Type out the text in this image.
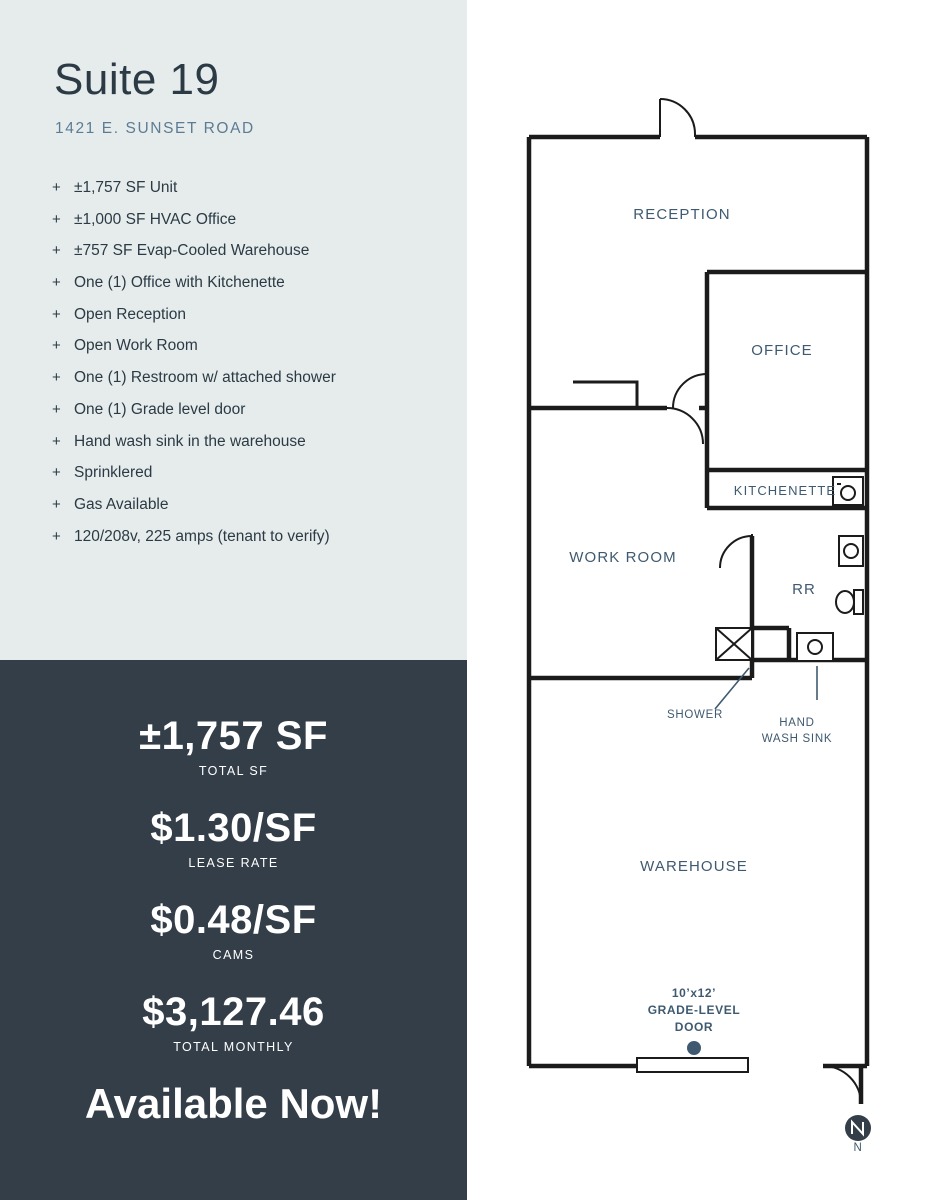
Suite 19
1421 E. SUNSET ROAD
+ ±1,757 SF Unit
+ ±1,000 SF HVAC Office
+ ±757 SF Evap-Cooled Warehouse
+ One (1) Office with Kitchenette
+ Open Reception
+ Open Work Room
+ One (1) Restroom w/ attached shower
+ One (1) Grade level door
+ Hand wash sink in the warehouse
+ Sprinklered
+ Gas Available
+ 120/208v, 225 amps (tenant to verify)
±1,757 SF
TOTAL SF
$1.30/SF
LEASE RATE
$0.48/SF
CAMS
$3,127.46
TOTAL MONTHLY
Available Now!
SHOWER
HAND
WASH SINK
RECEPTION
OFFICE
KITCHENETTE
WORK ROOM
RR
WAREHOUSE
10’x12’
GRADE-LEVEL
DOOR
N
